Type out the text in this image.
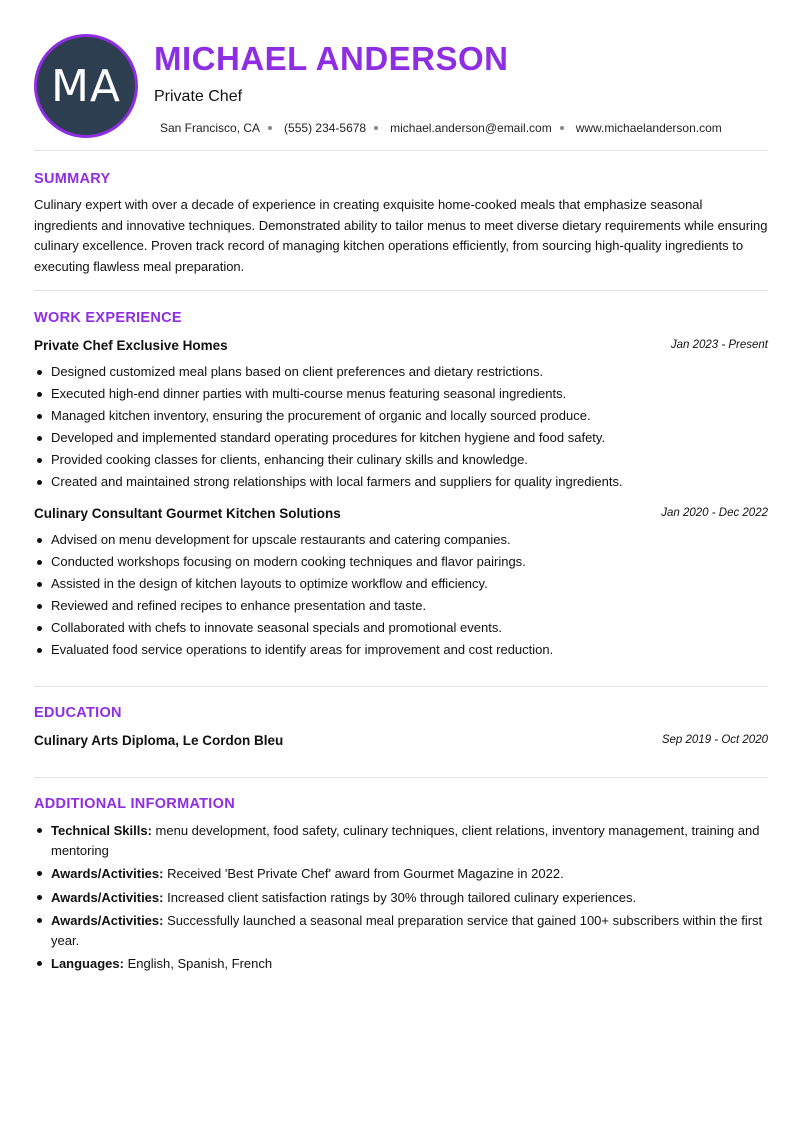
MA
MICHAEL ANDERSON
Private Chef
San Francisco, CA (555) 234-5678 michael.anderson@email.com www.michaelanderson.com
SUMMARY
Culinary expert with over a decade of experience in creating exquisite home-cooked meals that emphasize seasonal ingredients and innovative techniques. Demonstrated ability to tailor menus to meet diverse dietary requirements while ensuring culinary excellence. Proven track record of managing kitchen operations efficiently, from sourcing high-quality ingredients to executing flawless meal preparation.
WORK EXPERIENCE
Private Chef Exclusive Homes	Jan 2023 - Present
Designed customized meal plans based on client preferences and dietary restrictions.
Executed high-end dinner parties with multi-course menus featuring seasonal ingredients.
Managed kitchen inventory, ensuring the procurement of organic and locally sourced produce.
Developed and implemented standard operating procedures for kitchen hygiene and food safety.
Provided cooking classes for clients, enhancing their culinary skills and knowledge.
Created and maintained strong relationships with local farmers and suppliers for quality ingredients.
Culinary Consultant Gourmet Kitchen Solutions	Jan 2020 - Dec 2022
Advised on menu development for upscale restaurants and catering companies.
Conducted workshops focusing on modern cooking techniques and flavor pairings.
Assisted in the design of kitchen layouts to optimize workflow and efficiency.
Reviewed and refined recipes to enhance presentation and taste.
Collaborated with chefs to innovate seasonal specials and promotional events.
Evaluated food service operations to identify areas for improvement and cost reduction.
EDUCATION
Culinary Arts Diploma, Le Cordon Bleu	Sep 2019 - Oct 2020
ADDITIONAL INFORMATION
Technical Skills: menu development, food safety, culinary techniques, client relations, inventory management, training and mentoring
Awards/Activities: Received 'Best Private Chef' award from Gourmet Magazine in 2022.
Awards/Activities: Increased client satisfaction ratings by 30% through tailored culinary experiences.
Awards/Activities: Successfully launched a seasonal meal preparation service that gained 100+ subscribers within the first year.
Languages: English, Spanish, French
